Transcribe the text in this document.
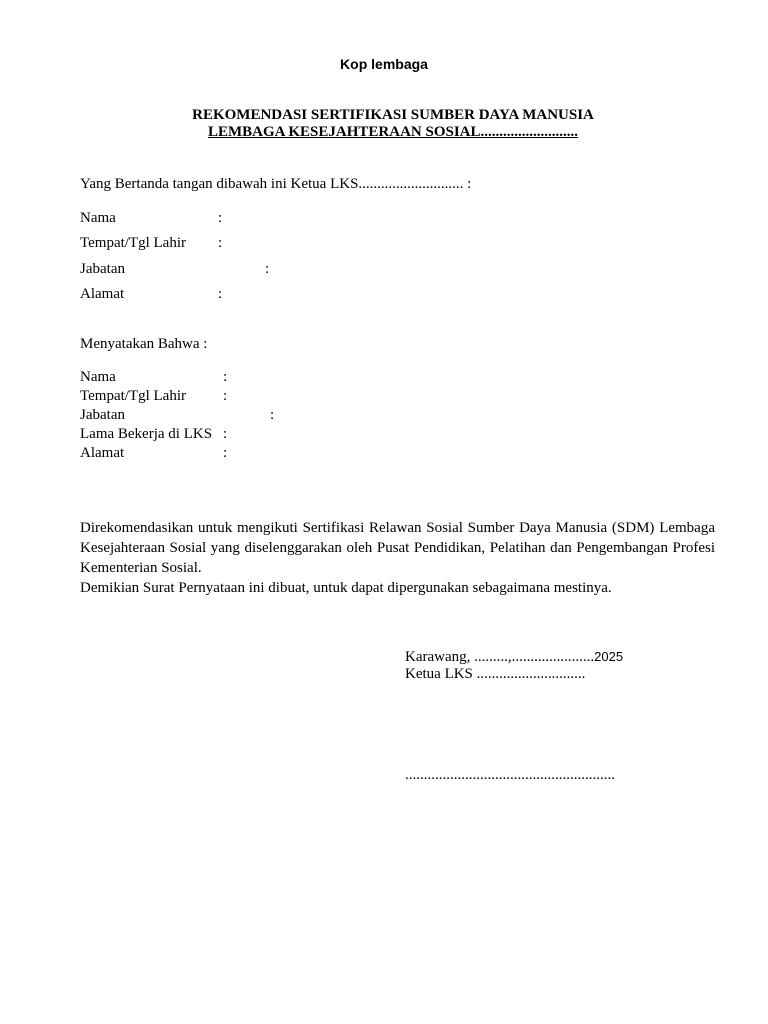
Kop lembaga
REKOMENDASI SERTIFIKASI SUMBER DAYA MANUSIA
LEMBAGA KESEJAHTERAAN SOSIAL..........................
Yang Bertanda tangan dibawah ini Ketua LKS............................ :
Nama	:
Tempat/Tgl Lahir :
Jabatan	:
Alamat	:
Menyatakan Bahwa :
Nama	:
Tempat/Tgl Lahir :
Jabatan	:
Lama Bekerja di LKS :
Alamat	:
Direkomendasikan untuk mengikuti Sertifikasi Relawan Sosial Sumber Daya Manusia (SDM) Lembaga Kesejahteraan Sosial yang diselenggarakan oleh Pusat Pendidikan, Pelatihan dan Pengembangan Profesi Kementerian Sosial.
Demikian Surat Pernyataan ini dibuat, untuk dapat dipergunakan sebagaimana mestinya.
Karawang, .........,......................2025
Ketua LKS .............................
........................................................
